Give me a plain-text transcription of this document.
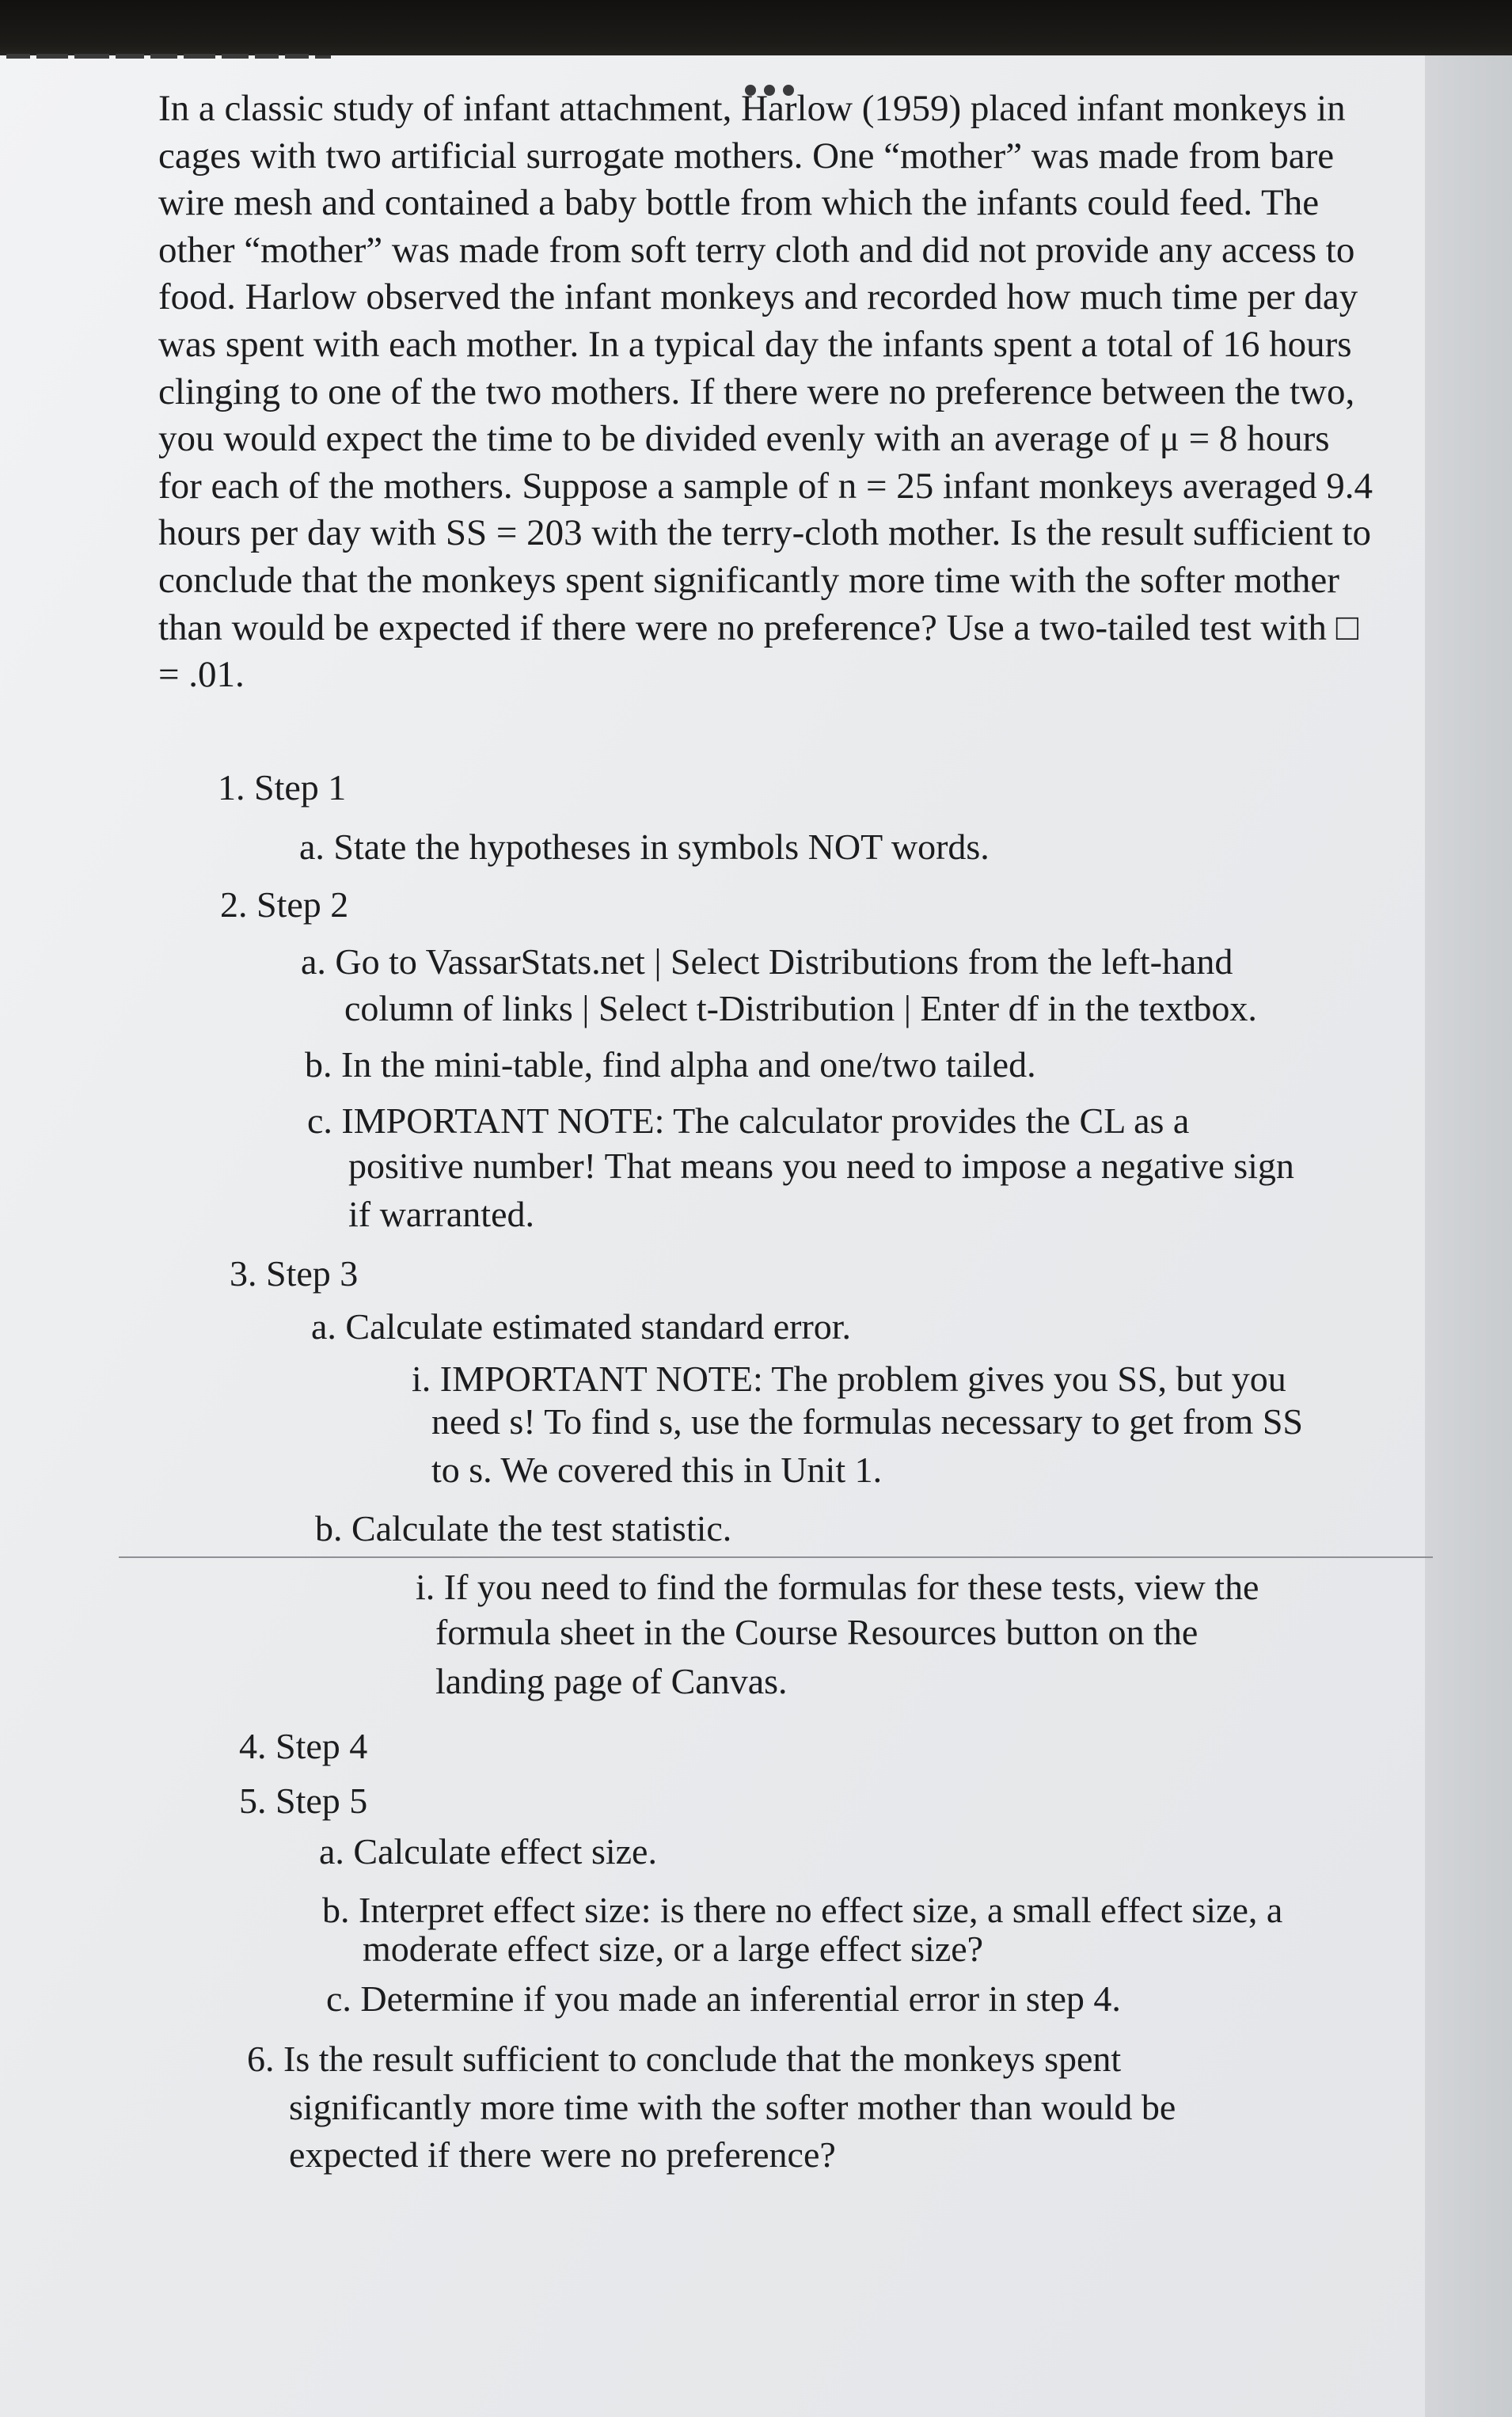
In a classic study of infant attachment, Harlow (1959) placed infant monkeys in cages with two artificial surrogate mothers. One “mother” was made from bare wire mesh and contained a baby bottle from which the infants could feed. The other “mother” was made from soft terry cloth and did not provide any access to food. Harlow observed the infant monkeys and recorded how much time per day was spent with each mother. In a typical day the infants spent a total of 16 hours clinging to one of the two mothers. If there were no preference between the two, you would expect the time to be divided evenly with an average of μ = 8 hours for each of the mothers. Suppose a sample of n = 25 infant monkeys averaged 9.4 hours per day with SS = 203 with the terry-cloth mother. Is the result sufficient to conclude that the monkeys spent significantly more time with the softer mother than would be expected if there were no preference? Use a two-tailed test with □ = .01.

1. Step 1

a. State the hypotheses in symbols NOT words.

2. Step 2

a. Go to VassarStats.net | Select Distributions from the left-hand

column of links | Select t-Distribution | Enter df in the textbox.

b. In the mini-table, find alpha and one/two tailed.

c. IMPORTANT NOTE: The calculator provides the CL as a

positive number! That means you need to impose a negative sign

if warranted.

3. Step 3

a. Calculate estimated standard error.

i. IMPORTANT NOTE: The problem gives you SS, but you

need s! To find s, use the formulas necessary to get from SS

to s. We covered this in Unit 1.

b. Calculate the test statistic.

i. If you need to find the formulas for these tests, view the

formula sheet in the Course Resources button on the

landing page of Canvas.

4. Step 4

5. Step 5

a. Calculate effect size.

b. Interpret effect size: is there no effect size, a small effect size, a

moderate effect size, or a large effect size?

c. Determine if you made an inferential error in step 4.

6. Is the result sufficient to conclude that the monkeys spent

significantly more time with the softer mother than would be

expected if there were no preference?
